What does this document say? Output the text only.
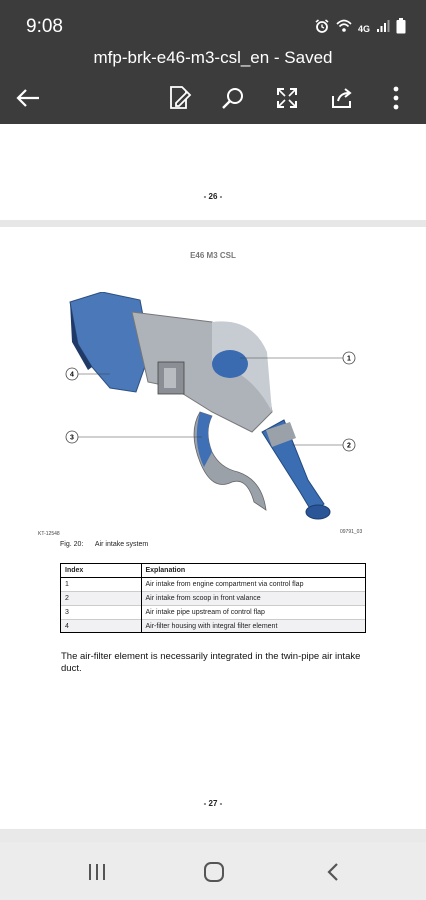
9:08	4G
mfp-brk-e46-m3-csl_en - Saved
- 26 -
E46 M3 CSL
1
2
3
4
KT-12548	09791_03
Fig. 20: Air intake system
Index	Explanation
1	Air intake from engine compartment via control flap
2	Air intake from scoop in front valance
3	Air intake pipe upstream of control flap
4	Air-filter housing with integral filter element
The air-filter element is necessarily integrated in the twin-pipe air intake duct.
- 27 -
